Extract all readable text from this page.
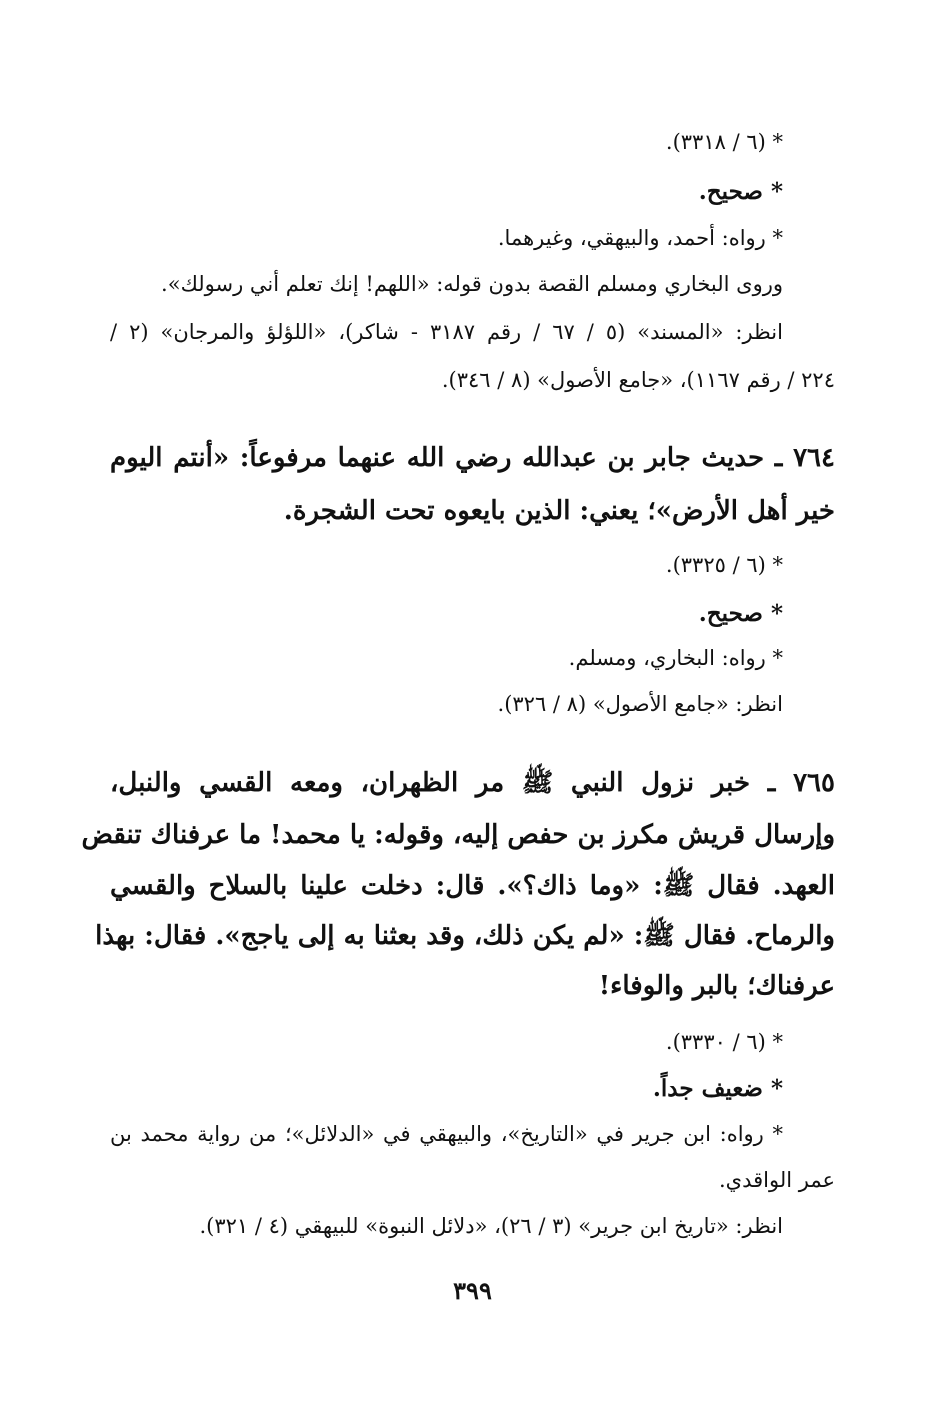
* (٦ / ٣٣١٨).
* صحيح.
* رواه: أحمد، والبيهقي، وغيرهما.
وروى البخاري ومسلم القصة بدون قوله: «اللهم! إنك تعلم أني رسولك».
انظر: «المسند» (٥ / ٦٧ / رقم ٣١٨٧ - شاكر)، «اللؤلؤ والمرجان» (٢ /
٢٢٤ / رقم ١١٦٧)، «جامع الأصول» (٨ / ٣٤٦).
٧٦٤ ـ حديث جابر بن عبدالله رضي الله عنهما مرفوعاً: «أنتم اليوم
خير أهل الأرض»؛ يعني: الذين بايعوه تحت الشجرة.
* (٦ / ٣٣٢٥).
* صحيح.
* رواه: البخاري، ومسلم.
انظر: «جامع الأصول» (٨ / ٣٢٦).
٧٦٥ ـ خبر نزول النبي ﷺ مر الظهران، ومعه القسي والنبل،
وإرسال قريش مكرز بن حفص إليه، وقوله: يا محمد! ما عرفناك تنقض
العهد. فقال ﷺ: «وما ذاك؟». قال: دخلت علينا بالسلاح والقسي
والرماح. فقال ﷺ: «لم يكن ذلك، وقد بعثنا به إلى ياجج». فقال: بهذا
عرفناك؛ بالبر والوفاء!
* (٦ / ٣٣٣٠).
* ضعيف جداً.
* رواه: ابن جرير في «التاريخ»، والبيهقي في «الدلائل»؛ من رواية محمد بن
عمر الواقدي.
انظر: «تاريخ ابن جرير» (٣ / ٢٦)، «دلائل النبوة» للبيهقي (٤ / ٣٢١).
٣٩٩
